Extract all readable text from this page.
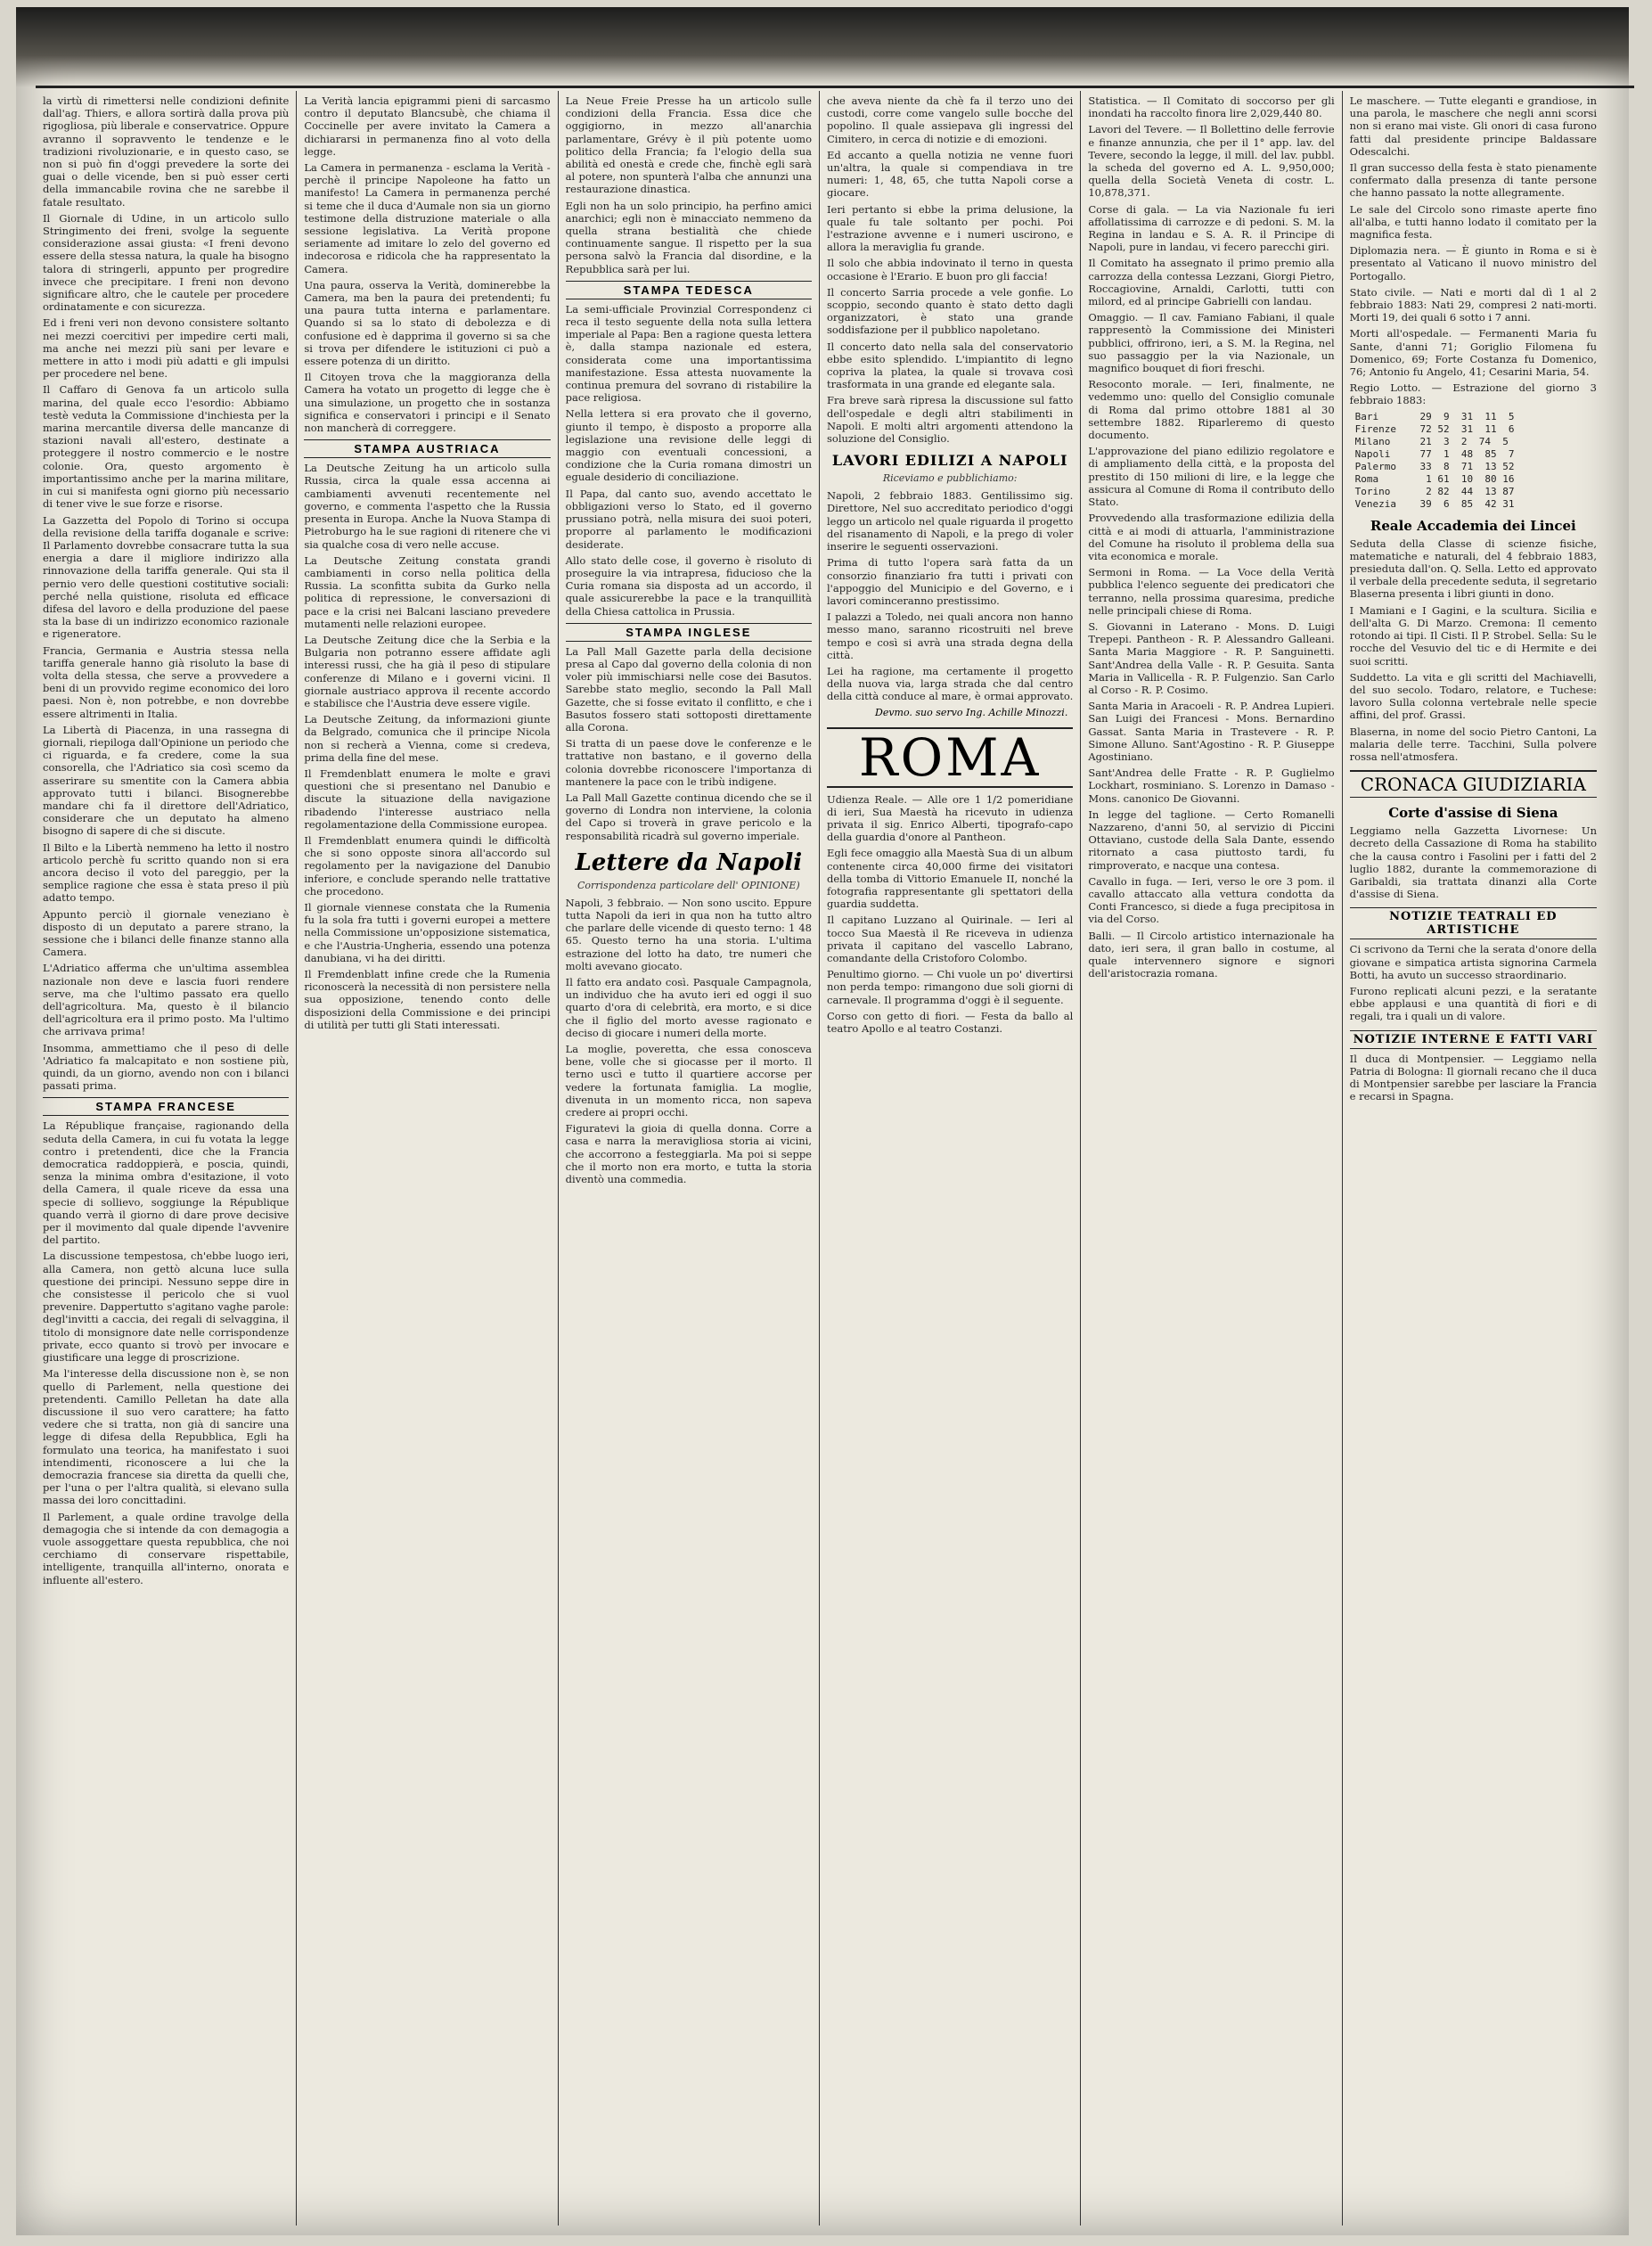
la virtù di rimettersi nelle condizioni definite dall'ag. Thiers, e allora sortirà dalla prova più rigogliosa, più liberale e conservatrice. Oppure avranno il sopravvento le tendenze e le tradizioni rivoluzionarie, e in questo caso, se non si può fin d'oggi prevedere la sorte dei guai o delle vicende, ben si può esser certi della immancabile rovina che ne sarebbe il fatale resultato.

Il Giornale di Udine, in un articolo sullo Stringimento dei freni, svolge la seguente considerazione assai giusta: «I freni devono essere della stessa natura, la quale ha bisogno talora di stringerli, appunto per progredire invece che precipitare. I freni non devono significare altro, che le cautele per procedere ordinatamente e con sicurezza.

Ed i freni veri non devono consistere soltanto nei mezzi coercitivi per impedire certi mali, ma anche nei mezzi più sani per levare e mettere in atto i modi più adatti e gli impulsi per procedere nel bene.

Il Caffaro di Genova fa un articolo sulla marina, del quale ecco l'esordio: Abbiamo testè veduta la Commissione d'inchiesta per la marina mercantile diversa delle mancanze di stazioni navali all'estero, destinate a proteggere il nostro commercio e le nostre colonie. Ora, questo argomento è importantissimo anche per la marina militare, in cui si manifesta ogni giorno più necessario di tener vive le sue forze e risorse.

La Gazzetta del Popolo di Torino si occupa della revisione della tariffa doganale e scrive: Il Parlamento dovrebbe consacrare tutta la sua energia a dare il migliore indirizzo alla rinnovazione della tariffa generale. Qui sta il pernio vero delle questioni costitutive sociali: perché nella quistione, risoluta ed efficace difesa del lavoro e della produzione del paese sta la base di un indirizzo economico razionale e rigeneratore.

Francia, Germania e Austria stessa nella tariffa generale hanno già risoluto la base di volta della stessa, che serve a provvedere a beni di un provvido regime economico dei loro paesi. Non è, non potrebbe, e non dovrebbe essere altrimenti in Italia.

La Libertà di Piacenza, in una rassegna di giornali, riepiloga dall'Opinione un periodo che ci riguarda, e fa credere, come la sua consorella, che l'Adriatico sia così scemo da asserirare su smentite con la Camera abbia approvato tutti i bilanci. Bisognerebbe mandare chi fa il direttore dell'Adriatico, considerare che un deputato ha almeno bisogno di sapere di che si discute.

Il Bilto e la Libertà nemmeno ha letto il nostro articolo perchè fu scritto quando non si era ancora deciso il voto del pareggio, per la semplice ragione che essa è stata preso il più adatto tempo.

Appunto perciò il giornale veneziano è disposto di un deputato a parere strano, la sessione che i bilanci delle finanze stanno alla Camera.

L'Adriatico afferma che un'ultima assemblea nazionale non deve e lascia fuori rendere serve, ma che l'ultimo passato era quello dell'agricoltura. Ma, questo è il bilancio dell'agricoltura era il primo posto. Ma l'ultimo che arrivava prima!

Insomma, ammettiamo che il peso di delle 'Adriatico fa malcapitato e non sostiene più, quindi, da un giorno, avendo non con i bilanci passati prima.

STAMPA FRANCESE

La République française, ragionando della seduta della Camera, in cui fu votata la legge contro i pretendenti, dice che la Francia democratica raddoppierà, e poscia, quindi, senza la minima ombra d'esitazione, il voto della Camera, il quale riceve da essa una specie di sollievo, soggiunge la République quando verrà il giorno di dare prove decisive per il movimento dal quale dipende l'avvenire del partito.

La discussione tempestosa, ch'ebbe luogo ieri, alla Camera, non gettò alcuna luce sulla questione dei principi. Nessuno seppe dire in che consistesse il pericolo che si vuol prevenire. Dappertutto s'agitano vaghe parole: degl'invitti a caccia, dei regali di selvaggina, il titolo di monsignore date nelle corrispondenze private, ecco quanto si trovò per invocare e giustificare una legge di proscrizione.

Ma l'interesse della discussione non è, se non quello di Parlement, nella questione dei pretendenti. Camillo Pelletan ha date alla discussione il suo vero carattere; ha fatto vedere che si tratta, non già di sancire una legge di difesa della Repubblica, Egli ha formulato una teorica, ha manifestato i suoi intendimenti, riconoscere a lui che la democrazia francese sia diretta da quelli che, per l'una o per l'altra qualità, si elevano sulla massa dei loro concittadini.

Il Parlement, a quale ordine travolge della demagogia che si intende da con demagogia a vuole assoggettare questa repubblica, che noi cerchiamo di conservare rispettabile, intelligente, tranquilla all'interno, onorata e influente all'estero.

La Verità lancia epigrammi pieni di sarcasmo contro il deputato Blancsubè, che chiama il Coccinelle per avere invitato la Camera a dichiararsi in permanenza fino al voto della legge.

La Camera in permanenza - esclama la Verità - perchè il principe Napoleone ha fatto un manifesto! La Camera in permanenza perché si teme che il duca d'Aumale non sia un giorno testimone della distruzione materiale o alla sessione legislativa. La Verità propone seriamente ad imitare lo zelo del governo ed indecorosa e ridicola che ha rappresentato la Camera.

Una paura, osserva la Verità, dominerebbe la Camera, ma ben la paura dei pretendenti; fu una paura tutta interna e parlamentare. Quando si sa lo stato di debolezza e di confusione ed è dapprima il governo si sa che si trova per difendere le istituzioni ci può a essere potenza di un diritto.

Il Citoyen trova che la maggioranza della Camera ha votato un progetto di legge che è una simulazione, un progetto che in sostanza significa e conservatori i principi e il Senato non mancherà di correggere.

STAMPA AUSTRIACA

La Deutsche Zeitung ha un articolo sulla Russia, circa la quale essa accenna ai cambiamenti avvenuti recentemente nel governo, e commenta l'aspetto che la Russia presenta in Europa. Anche la Nuova Stampa di Pietroburgo ha le sue ragioni di ritenere che vi sia qualche cosa di vero nelle accuse.

La Deutsche Zeitung constata grandi cambiamenti in corso nella politica della Russia. La sconfitta subita da Gurko nella politica di repressione, le conversazioni di pace e la crisi nei Balcani lasciano prevedere mutamenti nelle relazioni europee.

La Deutsche Zeitung dice che la Serbia e la Bulgaria non potranno essere affidate agli interessi russi, che ha già il peso di stipulare conferenze di Milano e i governi vicini. Il giornale austriaco approva il recente accordo e stabilisce che l'Austria deve essere vigile.

La Deutsche Zeitung, da informazioni giunte da Belgrado, comunica che il principe Nicola non si recherà a Vienna, come si credeva, prima della fine del mese.

Il Fremdenblatt enumera le molte e gravi questioni che si presentano nel Danubio e discute la situazione della navigazione ribadendo l'interesse austriaco nella regolamentazione della Commissione europea.

Il Fremdenblatt enumera quindi le difficoltà che si sono opposte sinora all'accordo sul regolamento per la navigazione del Danubio inferiore, e conclude sperando nelle trattative che procedono.

Il giornale viennese constata che la Rumenia fu la sola fra tutti i governi europei a mettere nella Commissione un'opposizione sistematica, e che l'Austria-Ungheria, essendo una potenza danubiana, vi ha dei diritti.

Il Fremdenblatt infine crede che la Rumenia riconoscerà la necessità di non persistere nella sua opposizione, tenendo conto delle disposizioni della Commissione e dei principi di utilità per tutti gli Stati interessati.

La Neue Freie Presse ha un articolo sulle condizioni della Francia. Essa dice che oggigiorno, in mezzo all'anarchia parlamentare, Grévy è il più potente uomo politico della Francia; fa l'elogio della sua abilità ed onestà e crede che, finchè egli sarà al potere, non spunterà l'alba che annunzi una restaurazione dinastica.

Egli non ha un solo principio, ha perfino amici anarchici; egli non è minacciato nemmeno da quella strana bestialità che chiede continuamente sangue. Il rispetto per la sua persona salvò la Francia dal disordine, e la Repubblica sarà per lui.

STAMPA TEDESCA

La semi-ufficiale Provinzial Correspondenz ci reca il testo seguente della nota sulla lettera imperiale al Papa: Ben a ragione questa lettera è, dalla stampa nazionale ed estera, considerata come una importantissima manifestazione. Essa attesta nuovamente la continua premura del sovrano di ristabilire la pace religiosa.

Nella lettera si era provato che il governo, giunto il tempo, è disposto a proporre alla legislazione una revisione delle leggi di maggio con eventuali concessioni, a condizione che la Curia romana dimostri un eguale desiderio di conciliazione.

Il Papa, dal canto suo, avendo accettato le obbligazioni verso lo Stato, ed il governo prussiano potrà, nella misura dei suoi poteri, proporre al parlamento le modificazioni desiderate.

Allo stato delle cose, il governo è risoluto di proseguire la via intrapresa, fiducioso che la Curia romana sia disposta ad un accordo, il quale assicurerebbe la pace e la tranquillità della Chiesa cattolica in Prussia.

STAMPA INGLESE

La Pall Mall Gazette parla della decisione presa al Capo dal governo della colonia di non voler più immischiarsi nelle cose dei Basutos. Sarebbe stato meglio, secondo la Pall Mall Gazette, che si fosse evitato il conflitto, e che i Basutos fossero stati sottoposti direttamente alla Corona.

Si tratta di un paese dove le conferenze e le trattative non bastano, e il governo della colonia dovrebbe riconoscere l'importanza di mantenere la pace con le tribù indigene.

La Pall Mall Gazette continua dicendo che se il governo di Londra non interviene, la colonia del Capo si troverà in grave pericolo e la responsabilità ricadrà sul governo imperiale.

Lettere da Napoli
Corrispondenza particolare dell' OPINIONE)

Napoli, 3 febbraio. — Non sono uscito. Eppure tutta Napoli da ieri in qua non ha tutto altro che parlare delle vicende di questo terno: 1 48 65. Questo terno ha una storia. L'ultima estrazione del lotto ha dato, tre numeri che molti avevano giocato.

Il fatto era andato così. Pasquale Campagnola, un individuo che ha avuto ieri ed oggi il suo quarto d'ora di celebrità, era morto, e si dice che il figlio del morto avesse ragionato e deciso di giocare i numeri della morte.

La moglie, poveretta, che essa conosceva bene, volle che si giocasse per il morto. Il terno uscì e tutto il quartiere accorse per vedere la fortunata famiglia. La moglie, divenuta in un momento ricca, non sapeva credere ai propri occhi.

Figuratevi la gioia di quella donna. Corre a casa e narra la meravigliosa storia ai vicini, che accorrono a festeggiarla. Ma poi si seppe che il morto non era morto, e tutta la storia diventò una commedia.

che aveva niente da chè fa il terzo uno dei custodi, corre come vangelo sulle bocche del popolino. Il quale assiepava gli ingressi del Cimitero, in cerca di notizie e di emozioni.

Ed accanto a quella notizia ne venne fuori un'altra, la quale si compendiava in tre numeri: 1, 48, 65, che tutta Napoli corse a giocare.

Ieri pertanto si ebbe la prima delusione, la quale fu tale soltanto per pochi. Poi l'estrazione avvenne e i numeri uscirono, e allora la meraviglia fu grande.

Il solo che abbia indovinato il terno in questa occasione è l'Erario. E buon pro gli faccia!

Il concerto Sarria procede a vele gonfie. Lo scoppio, secondo quanto è stato detto dagli organizzatori, è stato una grande soddisfazione per il pubblico napoletano.

Il concerto dato nella sala del conservatorio ebbe esito splendido. L'impiantito di legno copriva la platea, la quale si trovava così trasformata in una grande ed elegante sala.

Fra breve sarà ripresa la discussione sul fatto dell'ospedale e degli altri stabilimenti in Napoli. E molti altri argomenti attendono la soluzione del Consiglio.

LAVORI EDILIZI A NAPOLI
Riceviamo e pubblichiamo:

Napoli, 2 febbraio 1883. Gentilissimo sig. Direttore, Nel suo accreditato periodico d'oggi leggo un articolo nel quale riguarda il progetto del risanamento di Napoli, e la prego di voler inserire le seguenti osservazioni.

Prima di tutto l'opera sarà fatta da un consorzio finanziario fra tutti i privati con l'appoggio del Municipio e del Governo, e i lavori cominceranno prestissimo.

I palazzi a Toledo, nei quali ancora non hanno messo mano, saranno ricostruiti nel breve tempo e così si avrà una strada degna della città.

Lei ha ragione, ma certamente il progetto della nuova via, larga strada che dal centro della città conduce al mare, è ormai approvato.

Devmo. suo servo Ing. Achille Minozzi.
ROMA

Udienza Reale. — Alle ore 1 1/2 pomeridiane di ieri, Sua Maestà ha ricevuto in udienza privata il sig. Enrico Alberti, tipografo-capo della guardia d'onore al Pantheon.

Egli fece omaggio alla Maestà Sua di un album contenente circa 40,000 firme dei visitatori della tomba di Vittorio Emanuele II, nonché la fotografia rappresentante gli spettatori della guardia suddetta.

Il capitano Luzzano al Quirinale. — Ieri al tocco Sua Maestà il Re riceveva in udienza privata il capitano del vascello Labrano, comandante della Cristoforo Colombo.

Penultimo giorno. — Chi vuole un po' divertirsi non perda tempo: rimangono due soli giorni di carnevale. Il programma d'oggi è il seguente.

Corso con getto di fiori. — Festa da ballo al teatro Apollo e al teatro Costanzi.

Statistica. — Il Comitato di soccorso per gli inondati ha raccolto finora lire 2,029,440 80.

Lavori del Tevere. — Il Bollettino delle ferrovie e finanze annunzia, che per il 1° app. lav. del Tevere, secondo la legge, il mill. del lav. pubbl. la scheda del governo ed A. L. 9,950,000; quella della Società Veneta di costr. L. 10,878,371.

Corse di gala. — La via Nazionale fu ieri affollatissima di carrozze e di pedoni. S. M. la Regina in landau e S. A. R. il Principe di Napoli, pure in landau, vi fecero parecchi giri.

Il Comitato ha assegnato il primo premio alla carrozza della contessa Lezzani, Giorgi Pietro, Roccagiovine, Arnaldi, Carlotti, tutti con milord, ed al principe Gabrielli con landau.

Omaggio. — Il cav. Famiano Fabiani, il quale rappresentò la Commissione dei Ministeri pubblici, offrirono, ieri, a S. M. la Regina, nel suo passaggio per la via Nazionale, un magnifico bouquet di fiori freschi.

Resoconto morale. — Ieri, finalmente, ne vedemmo uno: quello del Consiglio comunale di Roma dal primo ottobre 1881 al 30 settembre 1882. Riparleremo di questo documento.

L'approvazione del piano edilizio regolatore e di ampliamento della città, e la proposta del prestito di 150 milioni di lire, e la legge che assicura al Comune di Roma il contributo dello Stato.

Provvedendo alla trasformazione edilizia della città e ai modi di attuarla, l'amministrazione del Comune ha risoluto il problema della sua vita economica e morale.

Sermoni in Roma. — La Voce della Verità pubblica l'elenco seguente dei predicatori che terranno, nella prossima quaresima, prediche nelle principali chiese di Roma.

S. Giovanni in Laterano - Mons. D. Luigi Trepepi. Pantheon - R. P. Alessandro Galleani. Santa Maria Maggiore - R. P. Sanguinetti. Sant'Andrea della Valle - R. P. Gesuita. Santa Maria in Vallicella - R. P. Fulgenzio. San Carlo al Corso - R. P. Cosimo.

Santa Maria in Aracoeli - R. P. Andrea Lupieri. San Luigi dei Francesi - Mons. Bernardino Gassat. Santa Maria in Trastevere - R. P. Simone Alluno. Sant'Agostino - R. P. Giuseppe Agostiniano.

Sant'Andrea delle Fratte - R. P. Guglielmo Lockhart, rosminiano. S. Lorenzo in Damaso - Mons. canonico De Giovanni.

In legge del taglione. — Certo Romanelli Nazzareno, d'anni 50, al servizio di Piccini Ottaviano, custode della Sala Dante, essendo ritornato a casa piuttosto tardi, fu rimproverato, e nacque una contesa.

Cavallo in fuga. — Ieri, verso le ore 3 pom. il cavallo attaccato alla vettura condotta da Conti Francesco, si diede a fuga precipitosa in via del Corso.

Balli. — Il Circolo artistico internazionale ha dato, ieri sera, il gran ballo in costume, al quale intervennero signore e signori dell'aristocrazia romana.

Le maschere. — Tutte eleganti e grandiose, in una parola, le maschere che negli anni scorsi non si erano mai viste. Gli onori di casa furono fatti dal presidente principe Baldassare Odescalchi.

Il gran successo della festa è stato pienamente confermato dalla presenza di tante persone che hanno passato la notte allegramente.

Le sale del Circolo sono rimaste aperte fino all'alba, e tutti hanno lodato il comitato per la magnifica festa.

Diplomazia nera. — È giunto in Roma e si è presentato al Vaticano il nuovo ministro del Portogallo.

Stato civile. — Nati e morti dal dì 1 al 2 febbraio 1883: Nati 29, compresi 2 nati-morti. Morti 19, dei quali 6 sotto i 7 anni.

Morti all'ospedale. — Fermanenti Maria fu Sante, d'anni 71; Goriglio Filomena fu Domenico, 69; Forte Costanza fu Domenico, 76; Antonio fu Angelo, 41; Cesarini Maria, 54.

Regio Lotto. — Estrazione del giorno 3 febbraio 1883:

Bari       29  9  31  11  5
Firenze    72 52  31  11  6
Milano     21  3  2  74  5
Napoli     77  1  48  85  7
Palermo    33  8  71  13 52
Roma        1 61  10  80 16
Torino      2 82  44  13 87
Venezia    39  6  85  42 31
Reale Accademia dei Lincei

Seduta della Classe di scienze fisiche, matematiche e naturali, del 4 febbraio 1883, presieduta dall'on. Q. Sella. Letto ed approvato il verbale della precedente seduta, il segretario Blaserna presenta i libri giunti in dono.

I Mamiani e I Gagini, e la scultura. Sicilia e dell'alta G. Di Marzo. Cremona: Il cemento rotondo ai tipi. Il Cisti. Il P. Strobel. Sella: Su le rocche del Vesuvio del tic e di Hermite e dei suoi scritti.

Suddetto. La vita e gli scritti del Machiavelli, del suo secolo. Todaro, relatore, e Tuchese: lavoro Sulla colonna vertebrale nelle specie affini, del prof. Grassi.

Blaserna, in nome del socio Pietro Cantoni, La malaria delle terre. Tacchini, Sulla polvere rossa nell'atmosfera.

CRONACA GIUDIZIARIA
Corte d'assise di Siena

Leggiamo nella Gazzetta Livornese: Un decreto della Cassazione di Roma ha stabilito che la causa contro i Fasolini per i fatti del 2 luglio 1882, durante la commemorazione di Garibaldi, sia trattata dinanzi alla Corte d'assise di Siena.

NOTIZIE TEATRALI ED ARTISTICHE

Ci scrivono da Terni che la serata d'onore della giovane e simpatica artista signorina Carmela Botti, ha avuto un successo straordinario.

Furono replicati alcuni pezzi, e la seratante ebbe applausi e una quantità di fiori e di regali, tra i quali un di valore.

NOTIZIE INTERNE E FATTI VARI

Il duca di Montpensier. — Leggiamo nella Patria di Bologna: Il giornali recano che il duca di Montpensier sarebbe per lasciare la Francia e recarsi in Spagna.
